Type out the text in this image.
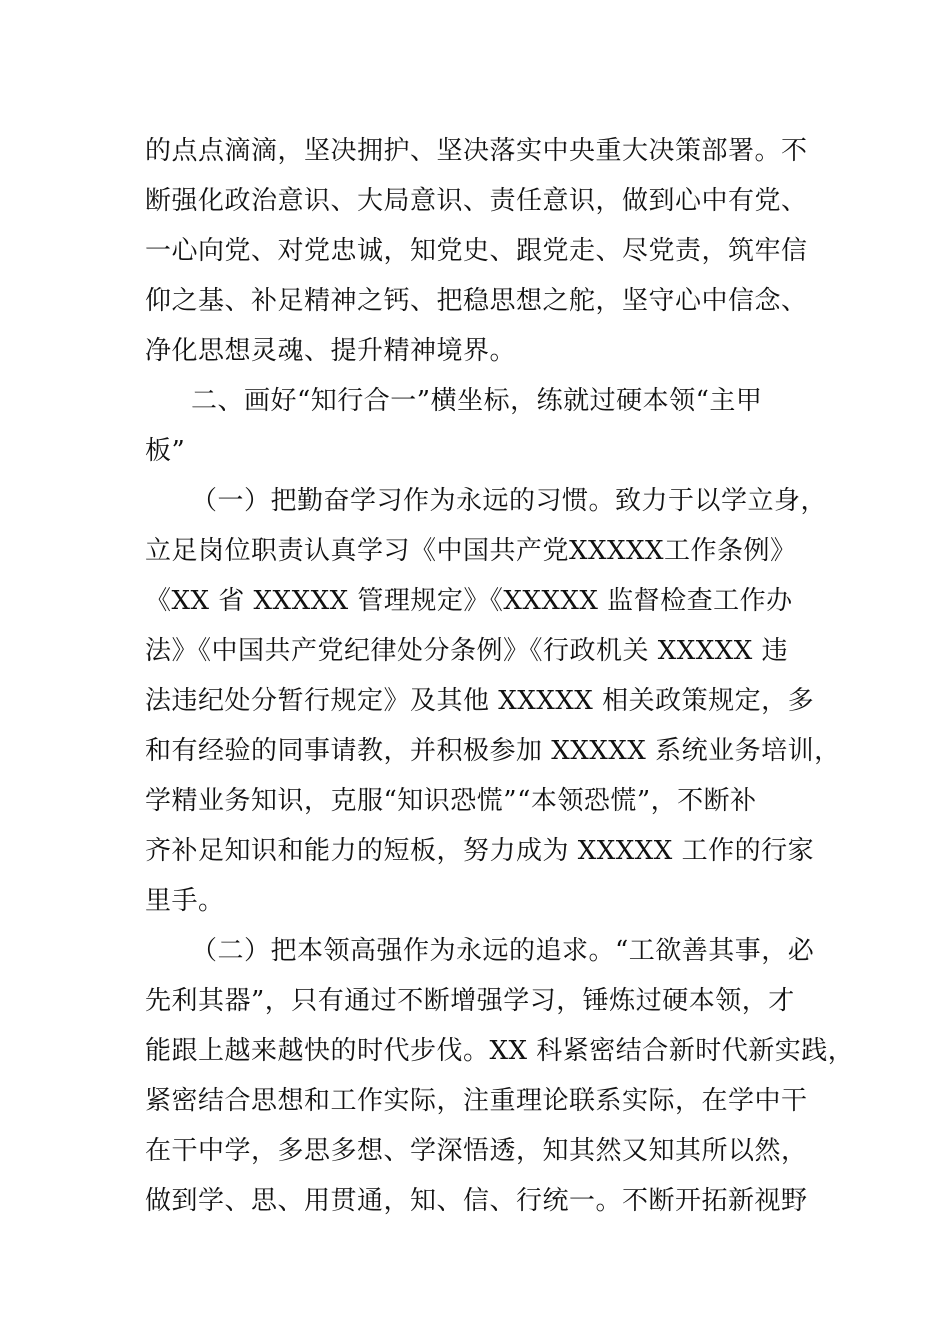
的点点滴滴，坚决拥护、坚决落实中央重大决策部署。不
断强化政治意识、大局意识、责任意识，做到心中有党、
一心向党、对党忠诚，知党史、跟党走、尽党责，筑牢信
仰之基、补足精神之钙、把稳思想之舵，坚守心中信念、
净化思想灵魂、提升精神境界。
二、画好“知行合一”横坐标，练就过硬本领“主甲
板”
（一）把勤奋学习作为永远的习惯。致力于以学立身，
立足岗位职责认真学习《中国共产党XXXXX工作条例》
《XX 省 XXXXX 管理规定》《XXXXX 监督检查工作办
法》《中国共产党纪律处分条例》《行政机关 XXXXX 违
法违纪处分暂行规定》及其他 XXXXX 相关政策规定，多
和有经验的同事请教，并积极参加 XXXXX 系统业务培训，
学精业务知识，克服“知识恐慌”“本领恐慌”，不断补
齐补足知识和能力的短板，努力成为 XXXXX 工作的行家
里手。
（二）把本领高强作为永远的追求。“工欲善其事，必
先利其器”，只有通过不断增强学习，锤炼过硬本领，才
能跟上越来越快的时代步伐。XX 科紧密结合新时代新实践，
紧密结合思想和工作实际，注重理论联系实际，在学中干
在干中学，多思多想、学深悟透，知其然又知其所以然，
做到学、思、用贯通，知、信、行统一。不断开拓新视野
